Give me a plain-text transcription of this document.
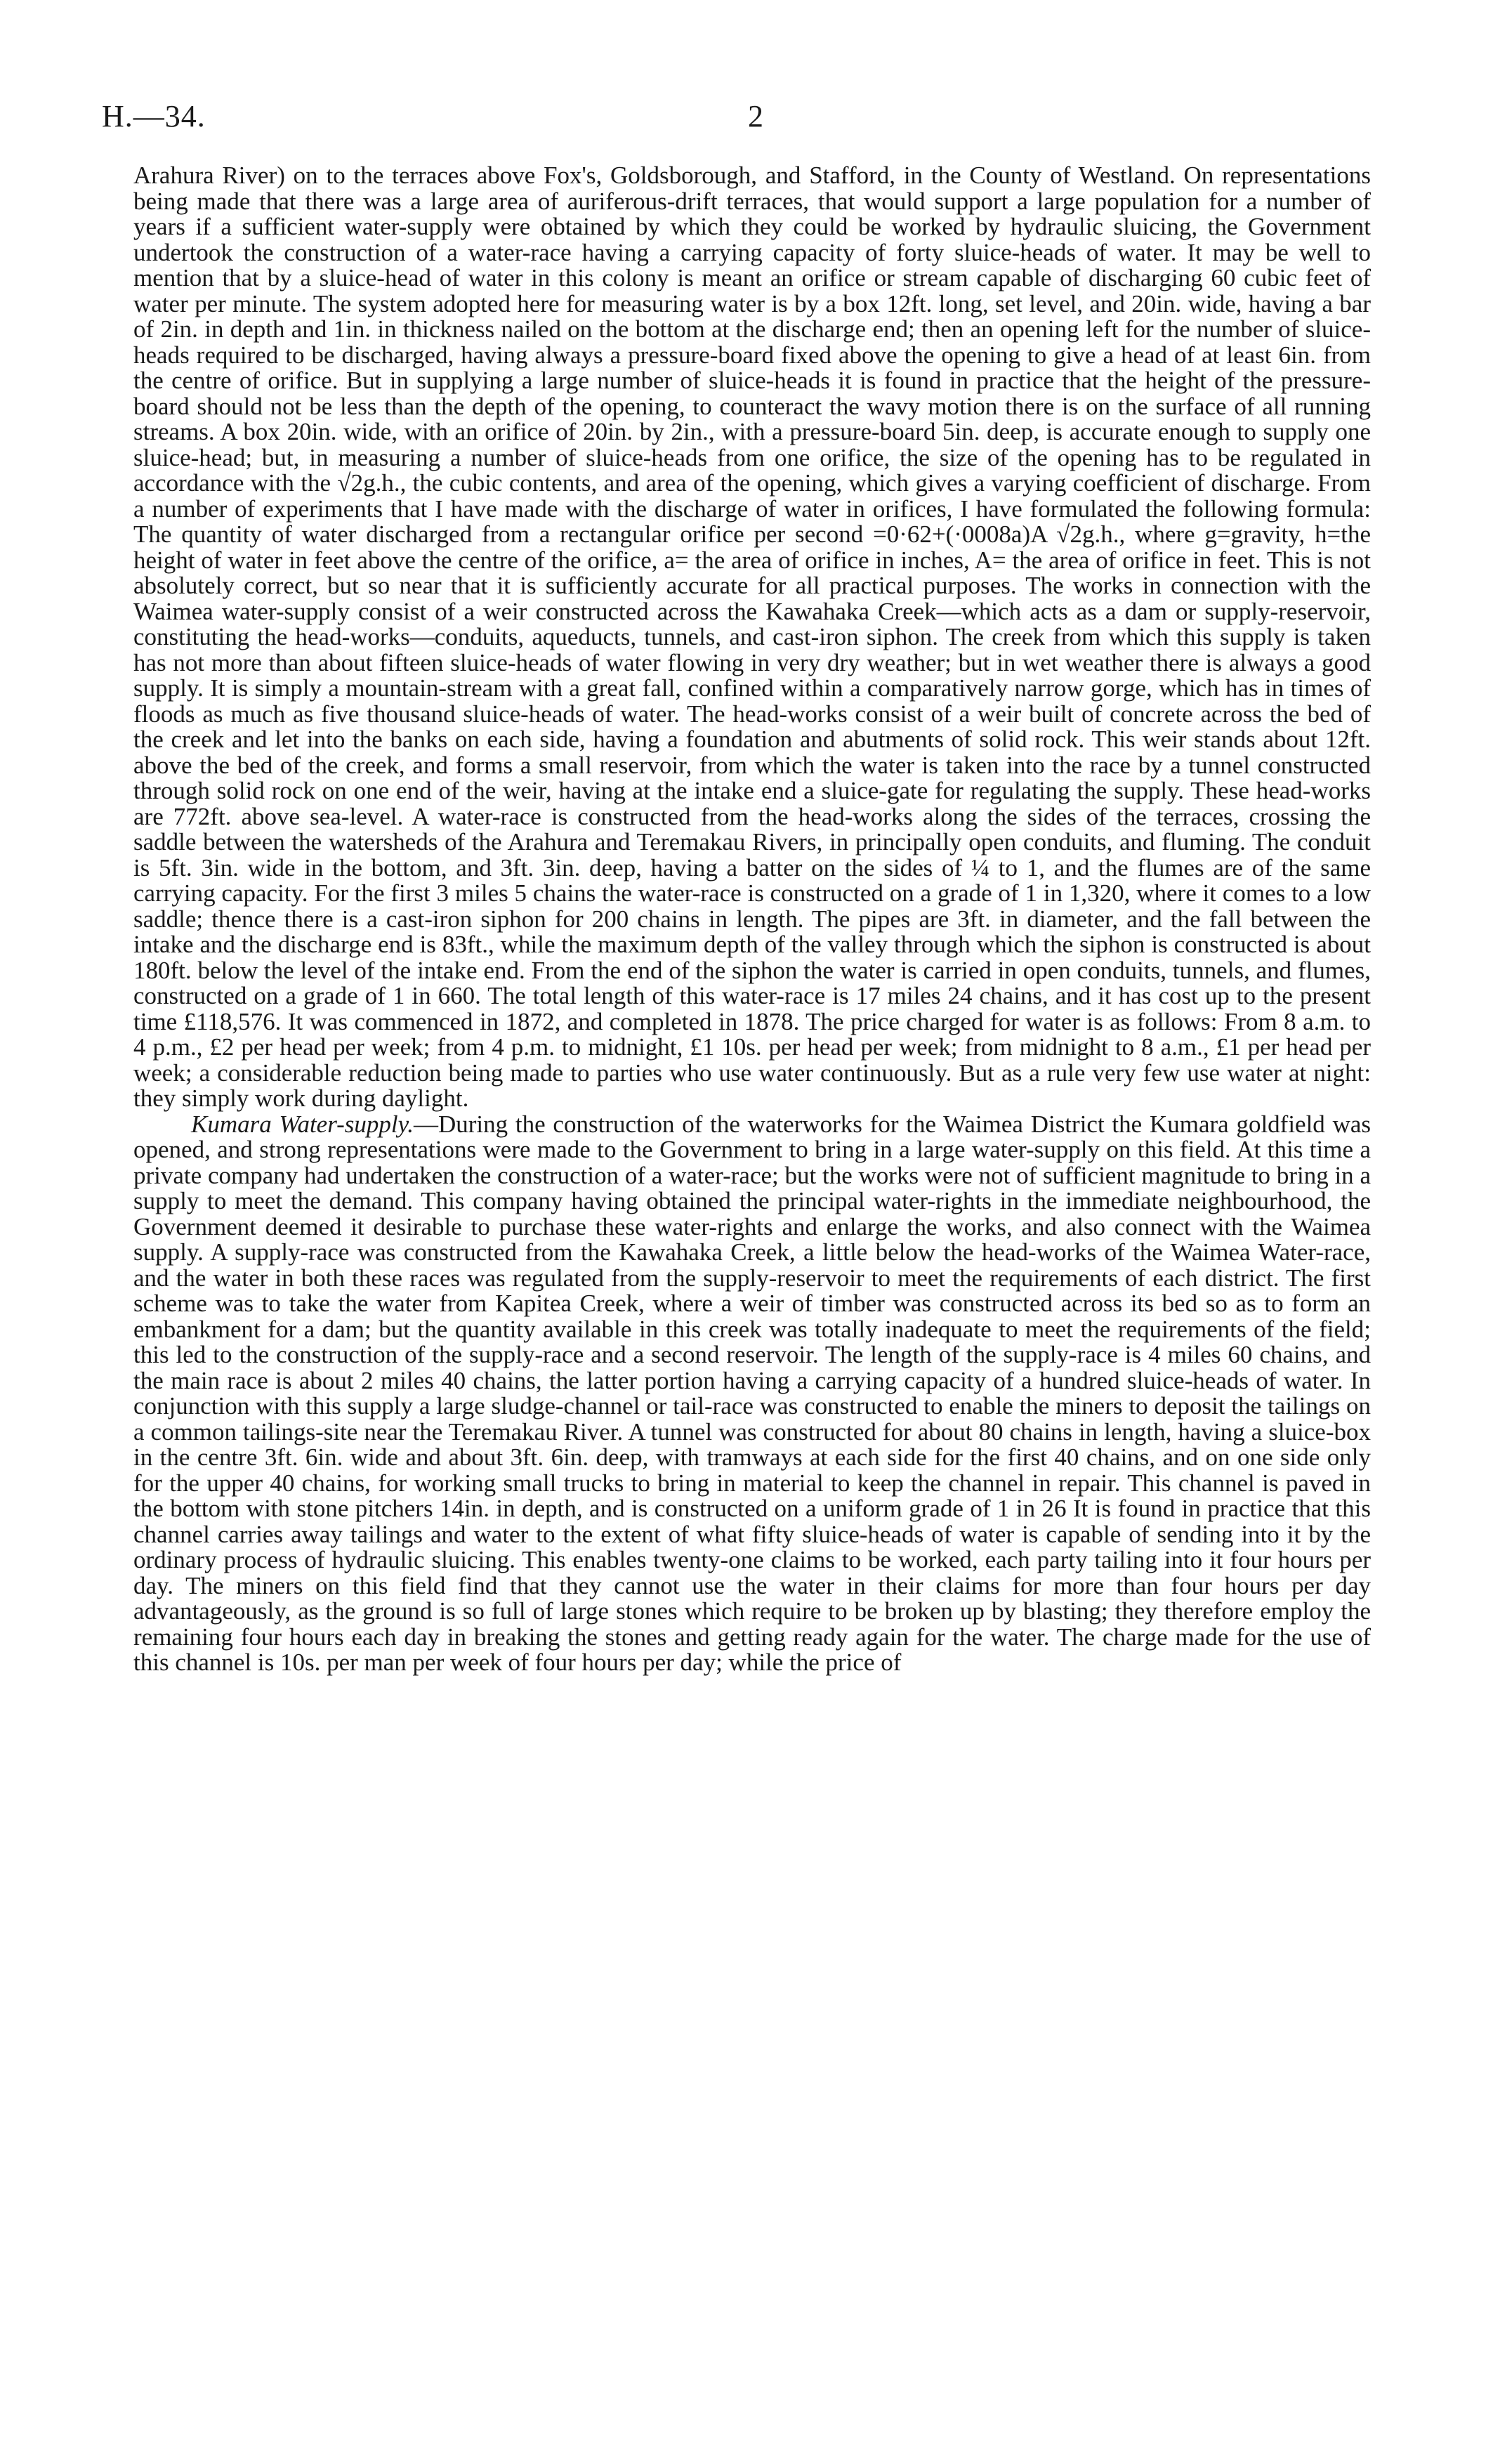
H.—34.	2

Arahura River) on to the terraces above Fox's, Goldsborough, and Stafford, in the County of Westland. On representations being made that there was a large area of auriferous-drift terraces, that would support a large population for a number of years if a sufficient water-supply were obtained by which they could be worked by hydraulic sluicing, the Government undertook the construction of a water-race having a carrying capacity of forty sluice-heads of water. It may be well to mention that by a sluice-head of water in this colony is meant an orifice or stream capable of discharging 60 cubic feet of water per minute. The system adopted here for measuring water is by a box 12ft. long, set level, and 20in. wide, having a bar of 2in. in depth and 1in. in thickness nailed on the bottom at the discharge end; then an opening left for the number of sluice-heads required to be discharged, having always a pressure-board fixed above the opening to give a head of at least 6in. from the centre of orifice. But in supplying a large number of sluice-heads it is found in practice that the height of the pressure-board should not be less than the depth of the opening, to counteract the wavy motion there is on the surface of all running streams. A box 20in. wide, with an orifice of 20in. by 2in., with a pressure-board 5in. deep, is accurate enough to supply one sluice-head; but, in measuring a number of sluice-heads from one orifice, the size of the opening has to be regulated in accordance with the √2g.h., the cubic contents, and area of the opening, which gives a varying coefficient of discharge. From a number of experiments that I have made with the discharge of water in orifices, I have formulated the following formula: The quantity of water discharged from a rectangular orifice per second =0·62+(·0008a)A √2g.h., where g=gravity, h=the height of water in feet above the centre of the orifice, a= the area of orifice in inches, A= the area of orifice in feet. This is not absolutely correct, but so near that it is sufficiently accurate for all practical purposes. The works in connection with the Waimea water-supply consist of a weir constructed across the Kawahaka Creek—which acts as a dam or supply-reservoir, constituting the head-works—conduits, aqueducts, tunnels, and cast-iron siphon. The creek from which this supply is taken has not more than about fifteen sluice-heads of water flowing in very dry weather; but in wet weather there is always a good supply. It is simply a mountain-stream with a great fall, confined within a comparatively narrow gorge, which has in times of floods as much as five thousand sluice-heads of water. The head-works consist of a weir built of concrete across the bed of the creek and let into the banks on each side, having a foundation and abutments of solid rock. This weir stands about 12ft. above the bed of the creek, and forms a small reservoir, from which the water is taken into the race by a tunnel constructed through solid rock on one end of the weir, having at the intake end a sluice-gate for regulating the supply. These head-works are 772ft. above sea-level. A water-race is constructed from the head-works along the sides of the terraces, crossing the saddle between the watersheds of the Arahura and Teremakau Rivers, in principally open conduits, and fluming. The conduit is 5ft. 3in. wide in the bottom, and 3ft. 3in. deep, having a batter on the sides of ¼ to 1, and the flumes are of the same carrying capacity. For the first 3 miles 5 chains the water-race is constructed on a grade of 1 in 1,320, where it comes to a low saddle; thence there is a cast-iron siphon for 200 chains in length. The pipes are 3ft. in diameter, and the fall between the intake and the discharge end is 83ft., while the maximum depth of the valley through which the siphon is constructed is about 180ft. below the level of the intake end. From the end of the siphon the water is carried in open conduits, tunnels, and flumes, constructed on a grade of 1 in 660. The total length of this water-race is 17 miles 24 chains, and it has cost up to the present time £118,576. It was commenced in 1872, and completed in 1878. The price charged for water is as follows: From 8 a.m. to 4 p.m., £2 per head per week; from 4 p.m. to midnight, £1 10s. per head per week; from midnight to 8 a.m., £1 per head per week; a considerable reduction being made to parties who use water continuously. But as a rule very few use water at night: they simply work during daylight.

Kumara Water-supply.—During the construction of the waterworks for the Waimea District the Kumara goldfield was opened, and strong representations were made to the Government to bring in a large water-supply on this field. At this time a private company had undertaken the construction of a water-race; but the works were not of sufficient magnitude to bring in a supply to meet the demand. This company having obtained the principal water-rights in the immediate neighbourhood, the Government deemed it desirable to purchase these water-rights and enlarge the works, and also connect with the Waimea supply. A supply-race was constructed from the Kawahaka Creek, a little below the head-works of the Waimea Water-race, and the water in both these races was regulated from the supply-reservoir to meet the requirements of each district. The first scheme was to take the water from Kapitea Creek, where a weir of timber was constructed across its bed so as to form an embankment for a dam; but the quantity available in this creek was totally inadequate to meet the requirements of the field; this led to the construction of the supply-race and a second reservoir. The length of the supply-race is 4 miles 60 chains, and the main race is about 2 miles 40 chains, the latter portion having a carrying capacity of a hundred sluice-heads of water. In conjunction with this supply a large sludge-channel or tail-race was constructed to enable the miners to deposit the tailings on a common tailings-site near the Teremakau River. A tunnel was constructed for about 80 chains in length, having a sluice-box in the centre 3ft. 6in. wide and about 3ft. 6in. deep, with tramways at each side for the first 40 chains, and on one side only for the upper 40 chains, for working small trucks to bring in material to keep the channel in repair. This channel is paved in the bottom with stone pitchers 14in. in depth, and is constructed on a uniform grade of 1 in 26 It is found in practice that this channel carries away tailings and water to the extent of what fifty sluice-heads of water is capable of sending into it by the ordinary process of hydraulic sluicing. This enables twenty-one claims to be worked, each party tailing into it four hours per day. The miners on this field find that they cannot use the water in their claims for more than four hours per day advantageously, as the ground is so full of large stones which require to be broken up by blasting; they therefore employ the remaining four hours each day in breaking the stones and getting ready again for the water. The charge made for the use of this channel is 10s. per man per week of four hours per day; while the price of
